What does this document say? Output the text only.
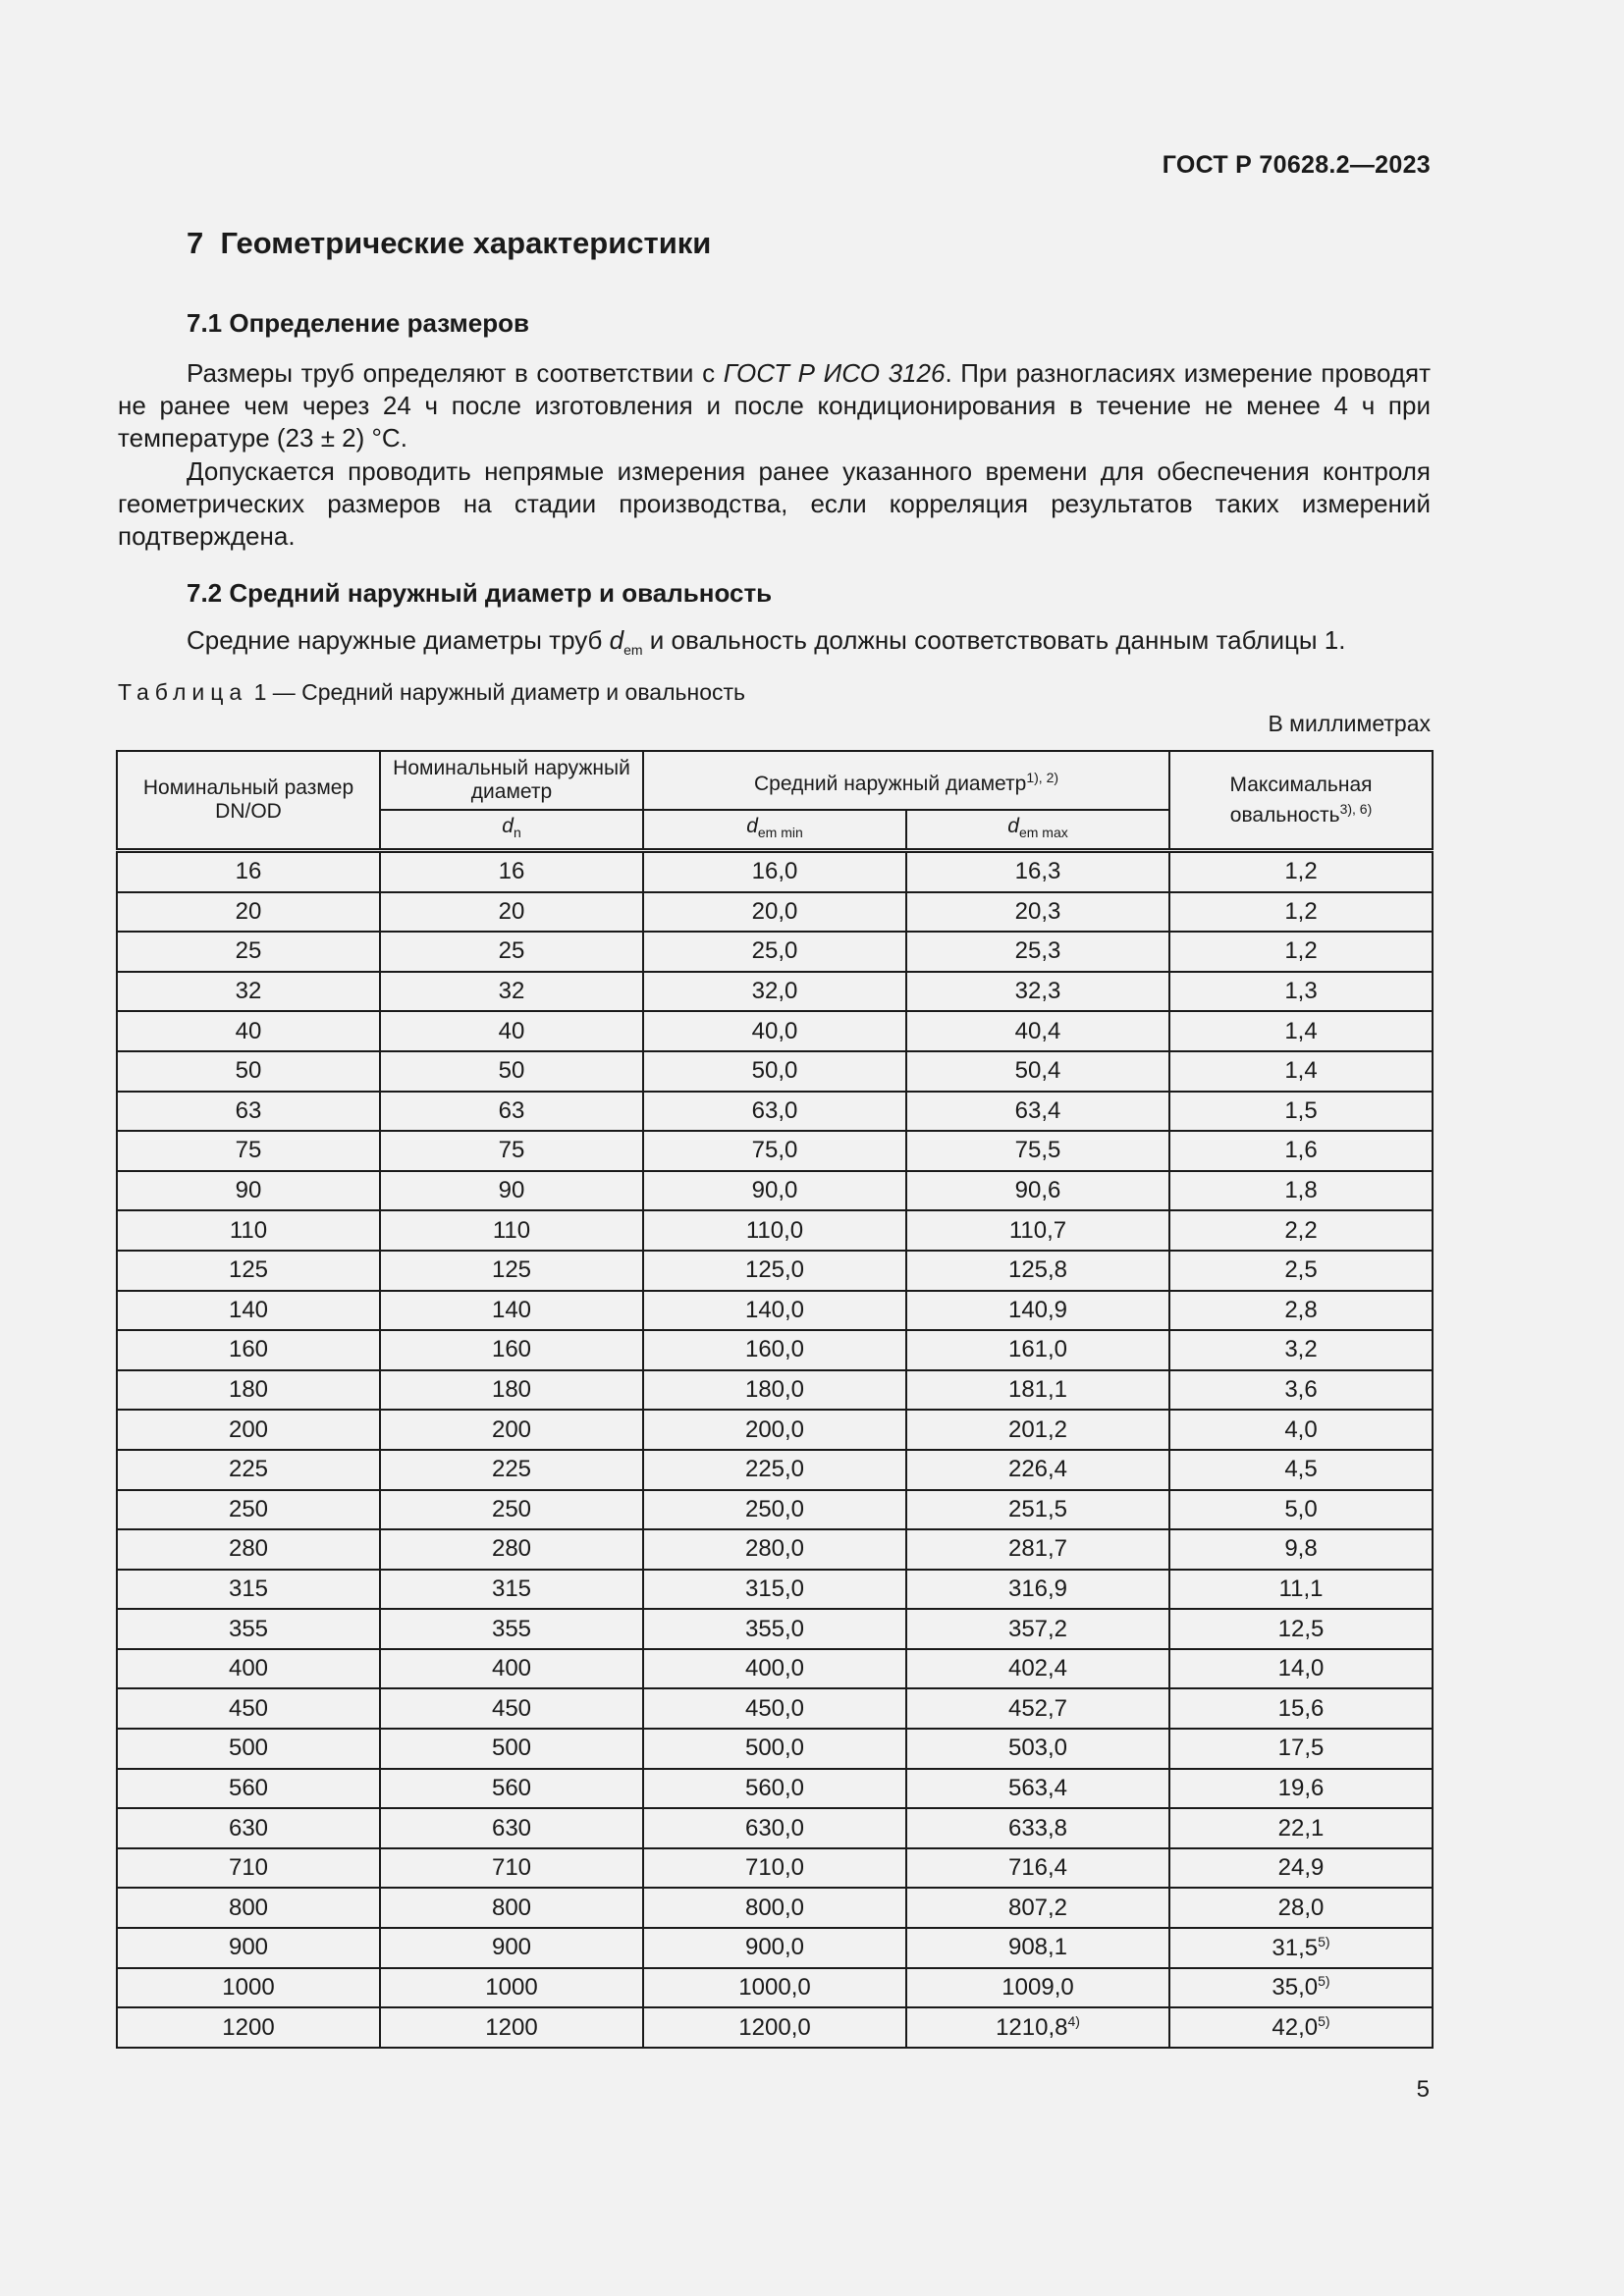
ГОСТ Р 70628.2—2023
7 Геометрические характеристики
7.1 Определение размеров

Размеры труб определяют в соответствии с ГОСТ Р ИСО 3126. При разногласиях измерение проводят не ранее чем через 24 ч после изготовления и после кондиционирования в течение не менее 4 ч при температуре (23 ± 2) °С.

Допускается проводить непрямые измерения ранее указанного времени для обеспечения контроля геометрических размеров на стадии производства, если корреляция результатов таких измерений подтверждена.

7.2 Средний наружный диаметр и овальность
Средние наружные диаметры труб $d_{em}$ и овальность должны соответствовать данным таблицы 1.
Таблица 1 — Средний наружный диаметр и овальность
В миллиметрах
Номинальный размер DN/OD	Номинальный наружный диаметр	Средний наружный диаметр$^{1), 2)}$		Максимальная овальность$^{3), 6)}$
	$d_n$	$d_{em min}$	$d_{em max}$
16	16	16,0	16,3	1,2
20	20	20,0	20,3	1,2
25	25	25,0	25,3	1,2
32	32	32,0	32,3	1,3
40	40	40,0	40,4	1,4
50	50	50,0	50,4	1,4
63	63	63,0	63,4	1,5
75	75	75,0	75,5	1,6
90	90	90,0	90,6	1,8
110	110	110,0	110,7	2,2
125	125	125,0	125,8	2,5
140	140	140,0	140,9	2,8
160	160	160,0	161,0	3,2
180	180	180,0	181,1	3,6
200	200	200,0	201,2	4,0
225	225	225,0	226,4	4,5
250	250	250,0	251,5	5,0
280	280	280,0	281,7	9,8
315	315	315,0	316,9	11,1
355	355	355,0	357,2	12,5
400	400	400,0	402,4	14,0
450	450	450,0	452,7	15,6
500	500	500,0	503,0	17,5
560	560	560,0	563,4	19,6
630	630	630,0	633,8	22,1
710	710	710,0	716,4	24,9
800	800	800,0	807,2	28,0
900	900	900,0	908,1	31,5$^{5)}$
1000	1000	1000,0	1009,0	35,0$^{5)}$
1200	1200	1200,0	1210,8$^{4)}$	42,0$^{5)}$
5
